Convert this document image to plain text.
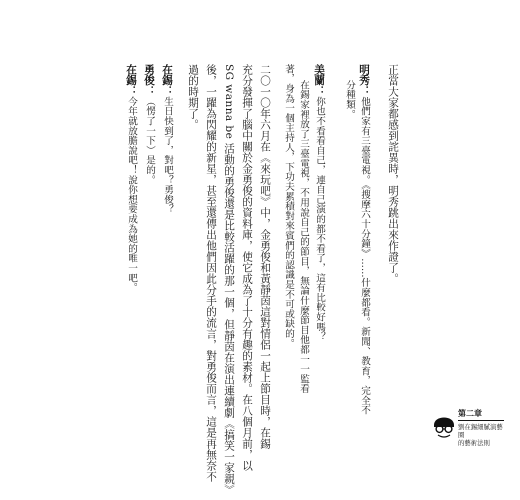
正當大家都感到詫異時，明秀跳出來作證了。
明秀：他們家有三臺電視。《搜摩六十分鐘》……什麼都看。新聞、教育，完全不
分種類。
美蘭：你也不看看自己，連自己演的都不看了，這有比較好嗎？
在錫家裡放了三臺電視，不用說自己的節目，無論什麼節目他都一一監看
著，身為一個主持人，下功夫累積對來賓們的認識是不可或缺的。
二〇一〇年六月在《來玩吧》中，金勇俊和黃靜茵這對情侶一起上節目時，在錫
充分發揮了腦中關於金勇俊的資料庫，使它成為了十分有趣的素材。在八個月前，以
SG wanna be 活動的勇俊還是比較活躍的那一個，但靜茵在演出連續劇《搞笑一家親》
後，一躍為閃耀的新星，甚至還傳出他們因此分手的流言，對勇俊而言，這是再無奈不
過的時期了。
在錫：生日快到了，對吧？勇俊？
勇俊：（愣了一下）是的。
在錫：今年就放膽說吧！說你想要成為她的唯一吧。
第二章
劉在錫細膩演藝圈
的藝術法則
